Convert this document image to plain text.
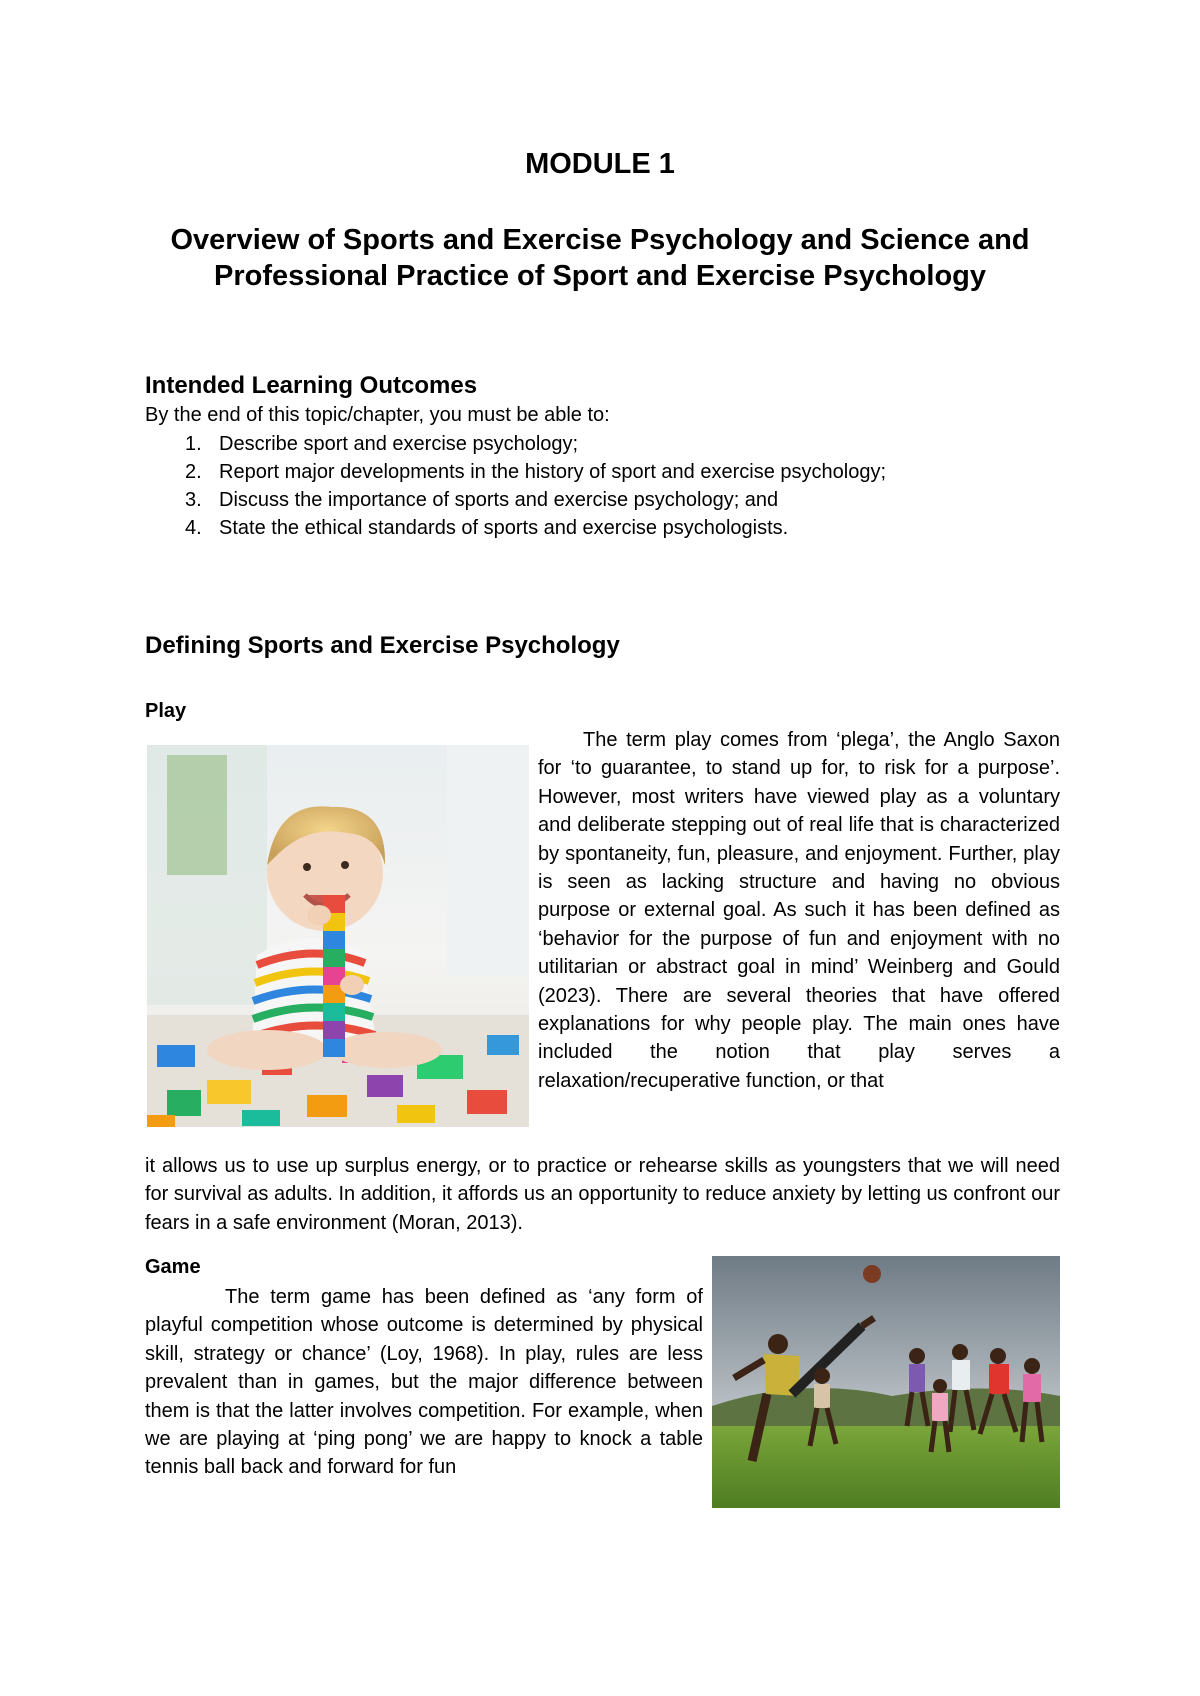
MODULE 1
Overview of Sports and Exercise Psychology and Science and Professional Practice of Sport and Exercise Psychology
Intended Learning Outcomes

By the end of this topic/chapter, you must be able to:

1. Describe sport and exercise psychology;
2. Report major developments in the history of sport and exercise psychology;
3. Discuss the importance of sports and exercise psychology; and
4. State the ethical standards of sports and exercise psychologists.
Defining Sports and Exercise Psychology
Play

The term play comes from ‘plega’, the Anglo Saxon for ‘to guarantee, to stand up for, to risk for a purpose’. However, most writers have viewed play as a voluntary and deliberate stepping out of real life that is characterized by spontaneity, fun, pleasure, and enjoyment. Further, play is seen as lacking structure and having no obvious purpose or external goal. As such it has been defined as ‘behavior for the purpose of fun and enjoyment with no utilitarian or abstract goal in mind’ Weinberg and Gould (2023). There are several theories that have offered explanations for why people play. The main ones have included the notion that play serves a relaxation/recuperative function, or that

it allows us to use up surplus energy, or to practice or rehearse skills as youngsters that we will need for survival as adults. In addition, it affords us an opportunity to reduce anxiety by letting us confront our fears in a safe environment (Moran, 2013).

Game

The term game has been defined as ‘any form of playful competition whose outcome is determined by physical skill, strategy or chance’ (Loy, 1968). In play, rules are less prevalent than in games, but the major difference between them is that the latter involves competition. For example, when we are playing at ‘ping pong’ we are happy to knock a table tennis ball back and forward for fun
